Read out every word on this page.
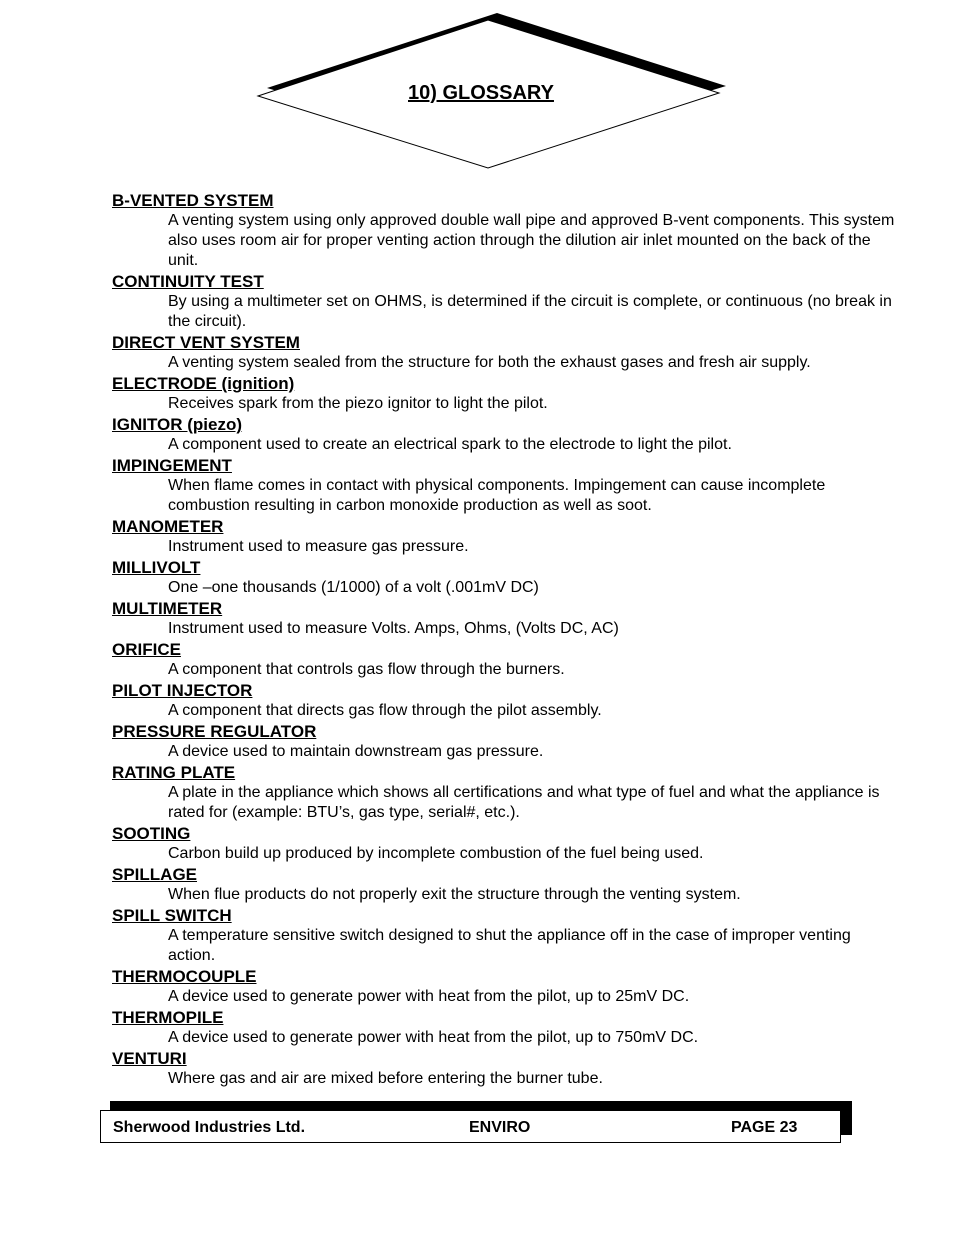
10) GLOSSARY
B-VENTED SYSTEM
A venting system using only approved double wall pipe and approved B-vent components. This system also uses room air for proper venting action through the dilution air inlet mounted on the back of the unit.
CONTINUITY TEST
By using a multimeter set on OHMS, is determined if the circuit is complete, or continuous (no break in the circuit).
DIRECT VENT SYSTEM
A venting system sealed from the structure for both the exhaust gases and fresh air supply.
ELECTRODE (ignition)
Receives spark from the piezo ignitor to light the pilot.
IGNITOR (piezo)
A component used to create an electrical spark to the electrode to light the pilot.
IMPINGEMENT
When flame comes in contact with physical components. Impingement can cause incomplete combustion resulting in carbon monoxide production as well as soot.
MANOMETER
Instrument used to measure gas pressure.
MILLIVOLT
One –one thousands (1/1000) of a volt (.001mV DC)
MULTIMETER
Instrument used to measure Volts. Amps, Ohms, (Volts DC, AC)
ORIFICE
A component that controls gas flow through the burners.
PILOT INJECTOR
A component that directs gas flow through the pilot assembly.
PRESSURE REGULATOR
A device used to maintain downstream gas pressure.
RATING PLATE
A plate in the appliance which shows all certifications and what type of fuel and what the appliance is rated for (example: BTU’s, gas type, serial#, etc.).
SOOTING
Carbon build up produced by incomplete combustion of the fuel being used.
SPILLAGE
When flue products do not properly exit the structure through the venting system.
SPILL SWITCH
A temperature sensitive switch designed to shut the appliance off in the case of improper venting action.
THERMOCOUPLE
A device used to generate power with heat from the pilot, up to 25mV DC.
THERMOPILE
A device used to generate power with heat from the pilot, up to 750mV DC.
VENTURI
Where gas and air are mixed before entering the burner tube.
Sherwood Industries Ltd.	ENVIRO	PAGE 23
